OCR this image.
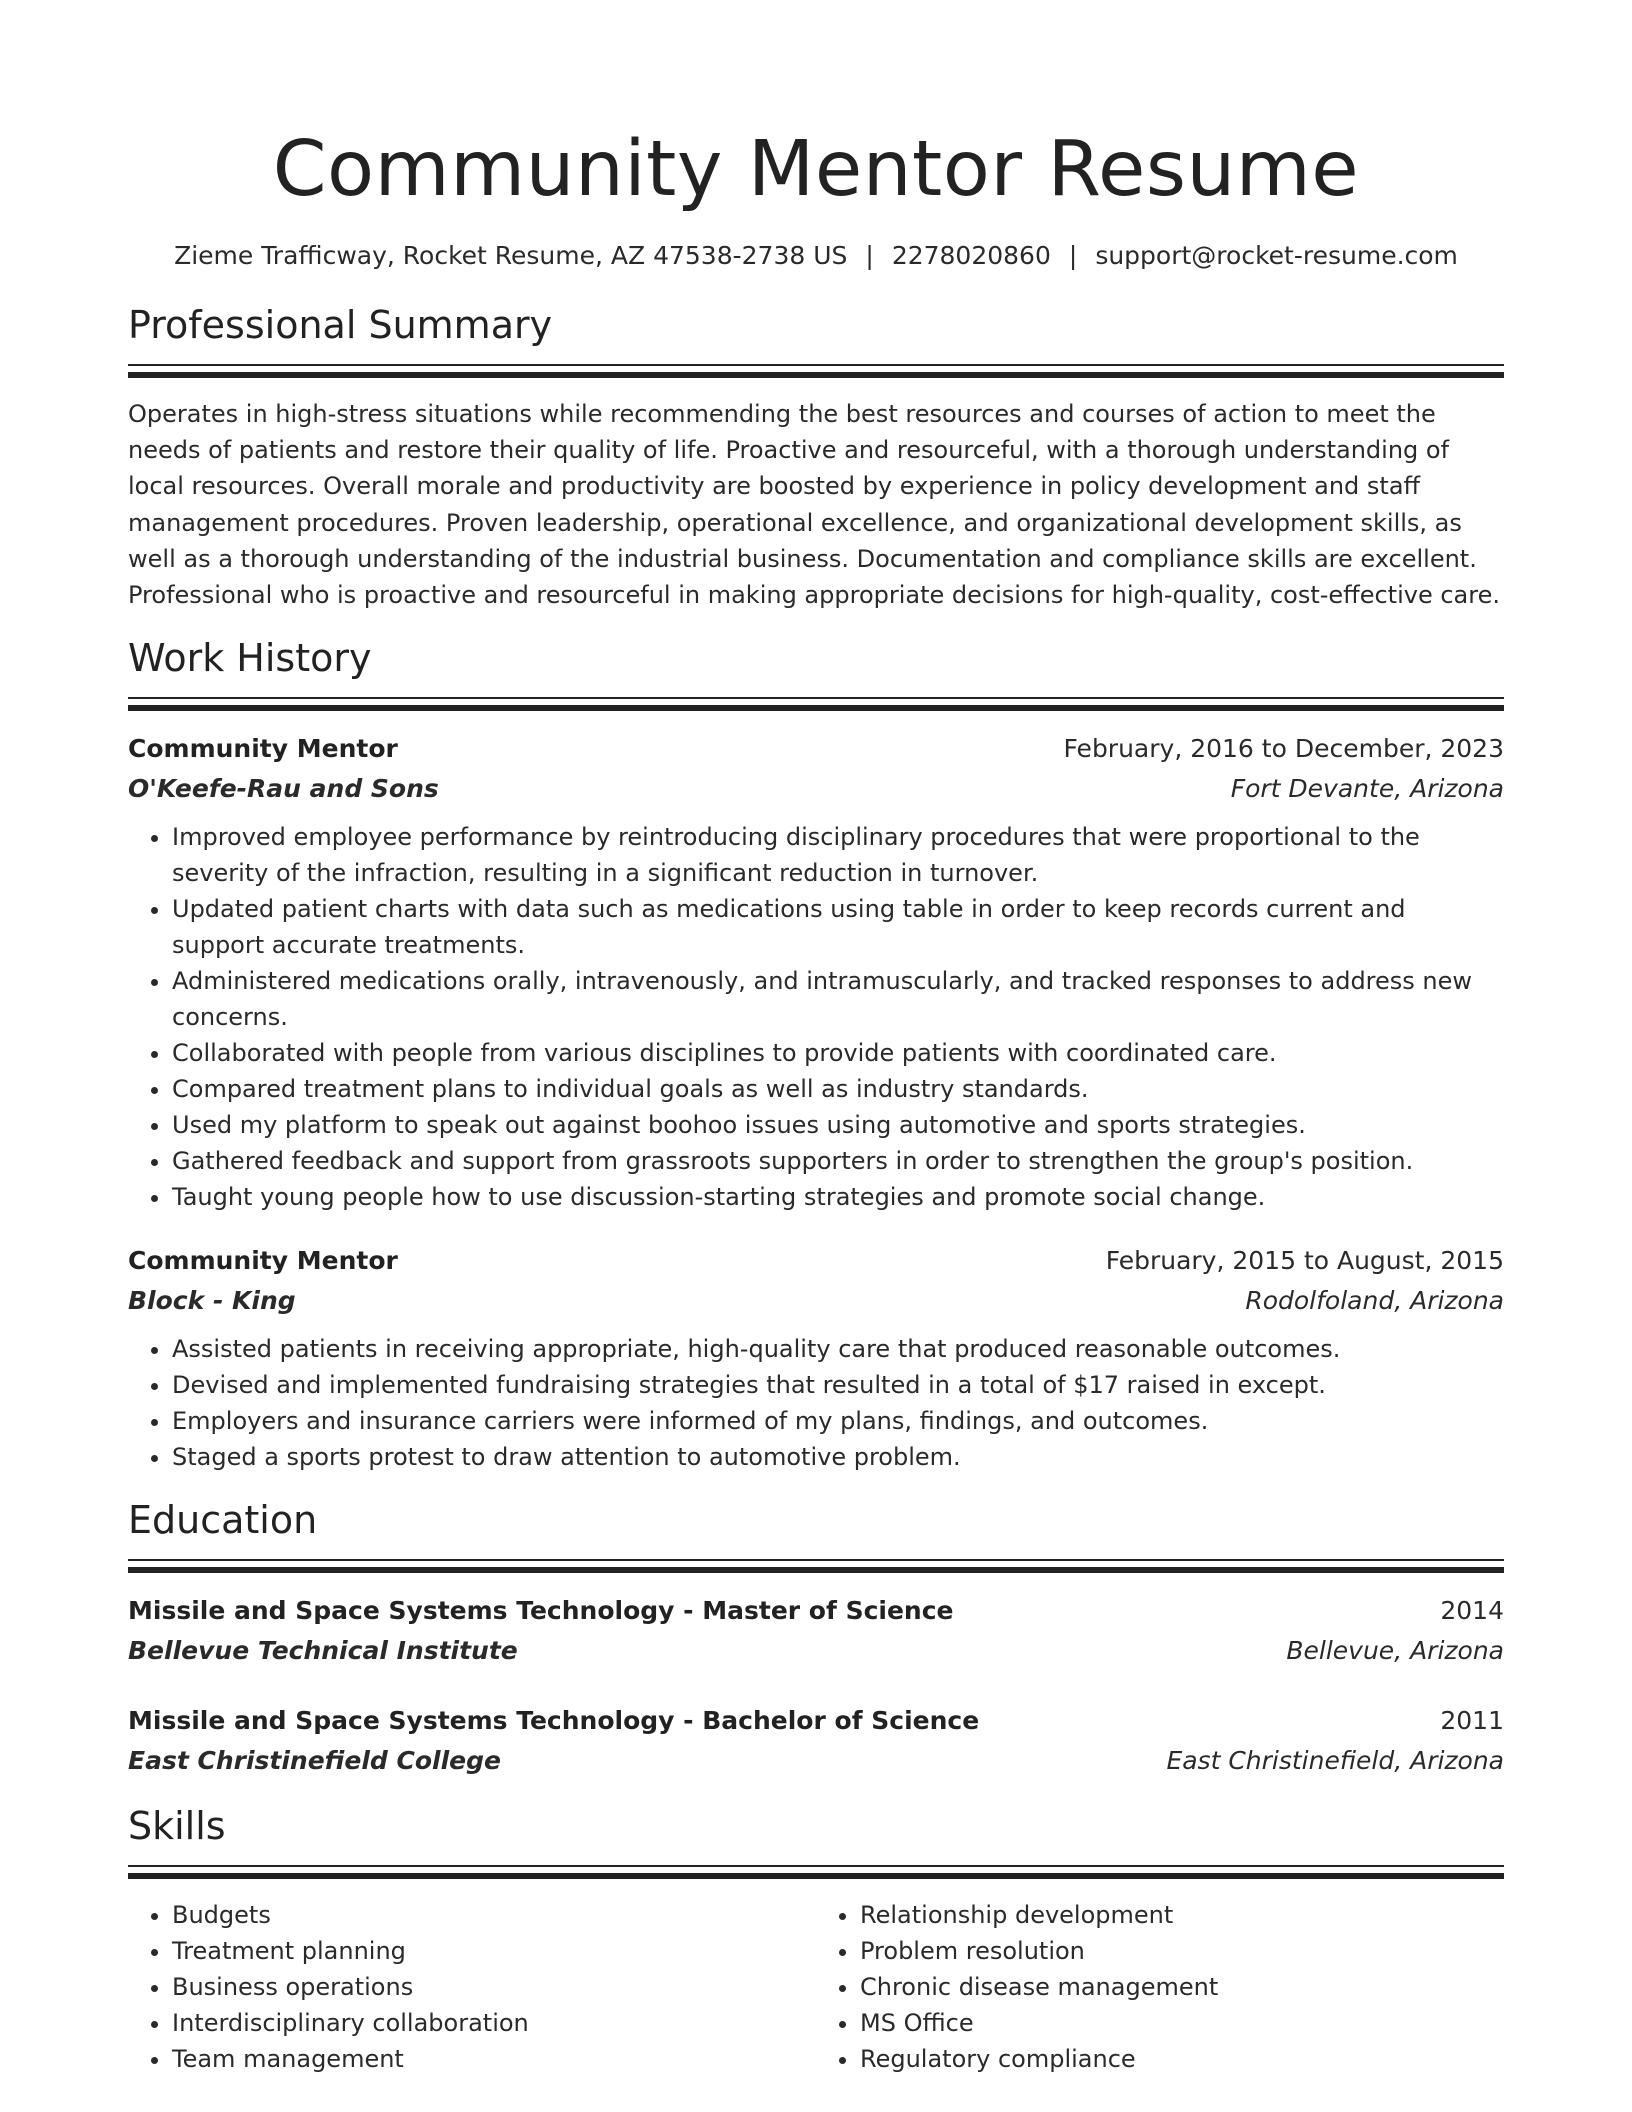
Community Mentor Resume
Zieme Trafficway, Rocket Resume, AZ 47538-2738 US | 2278020860 | support@rocket-resume.com
Professional Summary

Operates in high-stress situations while recommending the best resources and courses of action to meet the needs of patients and restore their quality of life. Proactive and resourceful, with a thorough understanding of local resources. Overall morale and productivity are boosted by experience in policy development and staff management procedures. Proven leadership, operational excellence, and organizational development skills, as well as a thorough understanding of the industrial business. Documentation and compliance skills are excellent. Professional who is proactive and resourceful in making appropriate decisions for high-quality, cost-effective care.

Work History
Community Mentor	February, 2016 to December, 2023
O'Keefe-Rau and Sons	Fort Devante, Arizona
• Improved employee performance by reintroducing disciplinary procedures that were proportional to the severity of the infraction, resulting in a significant reduction in turnover.
• Updated patient charts with data such as medications using table in order to keep records current and support accurate treatments.
• Administered medications orally, intravenously, and intramuscularly, and tracked responses to address new concerns.
• Collaborated with people from various disciplines to provide patients with coordinated care.
• Compared treatment plans to individual goals as well as industry standards.
• Used my platform to speak out against boohoo issues using automotive and sports strategies.
• Gathered feedback and support from grassroots supporters in order to strengthen the group's position.
• Taught young people how to use discussion-starting strategies and promote social change.
Community Mentor	February, 2015 to August, 2015
Block - King	Rodolfoland, Arizona
• Assisted patients in receiving appropriate, high-quality care that produced reasonable outcomes.
• Devised and implemented fundraising strategies that resulted in a total of $17 raised in except.
• Employers and insurance carriers were informed of my plans, findings, and outcomes.
• Staged a sports protest to draw attention to automotive problem.
Education
Missile and Space Systems Technology - Master of Science	2014
Bellevue Technical Institute	Bellevue, Arizona
Missile and Space Systems Technology - Bachelor of Science	2011
East Christinefield College	East Christinefield, Arizona
Skills
• Budgets
• Treatment planning
• Business operations
• Interdisciplinary collaboration
• Team management
• Relationship development
• Problem resolution
• Chronic disease management
• MS Office
• Regulatory compliance
